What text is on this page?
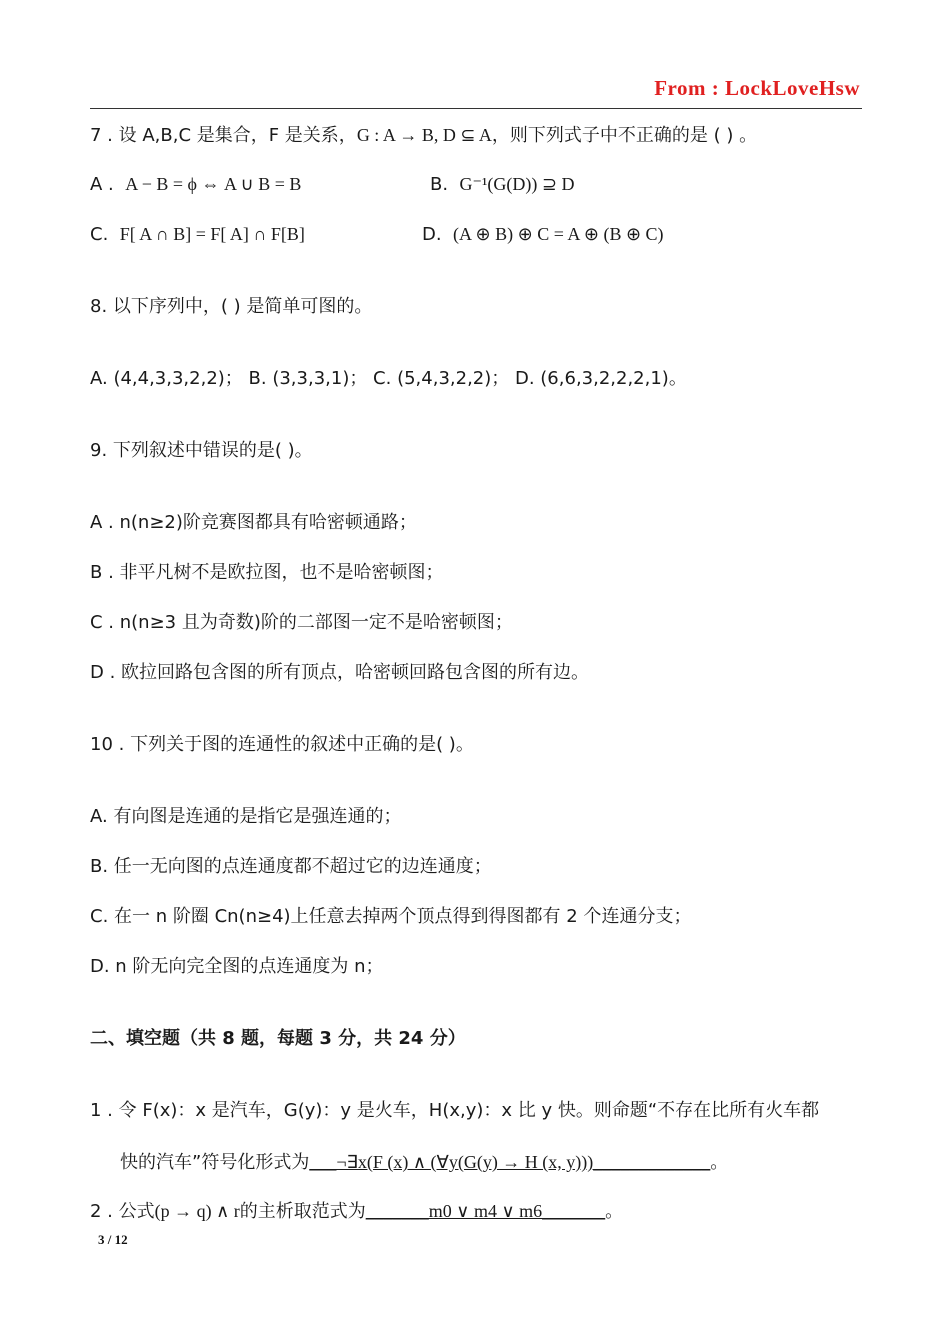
From : LockLoveHsw
7 . 设 A,B,C 是集合，F 是关系，G : A → B, D ⊆ A，则下列式子中不正确的是 ( ) 。
A . A − B = ϕ ⇔ A ∪ B = B	B. G⁻¹(G(D)) ⊇ D
C. F[ A ∩ B] = F[ A] ∩ F[B]	D. (A ⊕ B) ⊕ C = A ⊕ (B ⊕ C)
8. 以下序列中，( ) 是简单可图的。
A. (4,4,3,3,2,2)； B. (3,3,3,1)； C. (5,4,3,2,2)； D. (6,6,3,2,2,2,1)。
9. 下列叙述中错误的是( )。
A . n(n≥2)阶竞赛图都具有哈密顿通路；
B . 非平凡树不是欧拉图，也不是哈密顿图；
C . n(n≥3 且为奇数)阶的二部图一定不是哈密顿图；
D . 欧拉回路包含图的所有顶点，哈密顿回路包含图的所有边。
10 . 下列关于图的连通性的叙述中正确的是( )。
A. 有向图是连通的是指它是强连通的；
B. 任一无向图的点连通度都不超过它的边连通度；
C. 在一 n 阶圈 Cn(n≥4)上任意去掉两个顶点得到得图都有 2 个连通分支；
D. n 阶无向完全图的点连通度为 n；
二、填空题（共 8 题，每题 3 分，共 24 分）
1 . 令 F(x)：x 是汽车，G(y)：y 是火车，H(x,y)：x 比 y 快。则命题“不存在比所有火车都
快的汽车”符号化形式为___¬∃x(F (x) ∧ (∀y(G(y) → H (x, y)))_____________。
2 . 公式(p → q) ∧ r的主析取范式为_______m0 ∨ m4 ∨ m6_______。
3 / 12
